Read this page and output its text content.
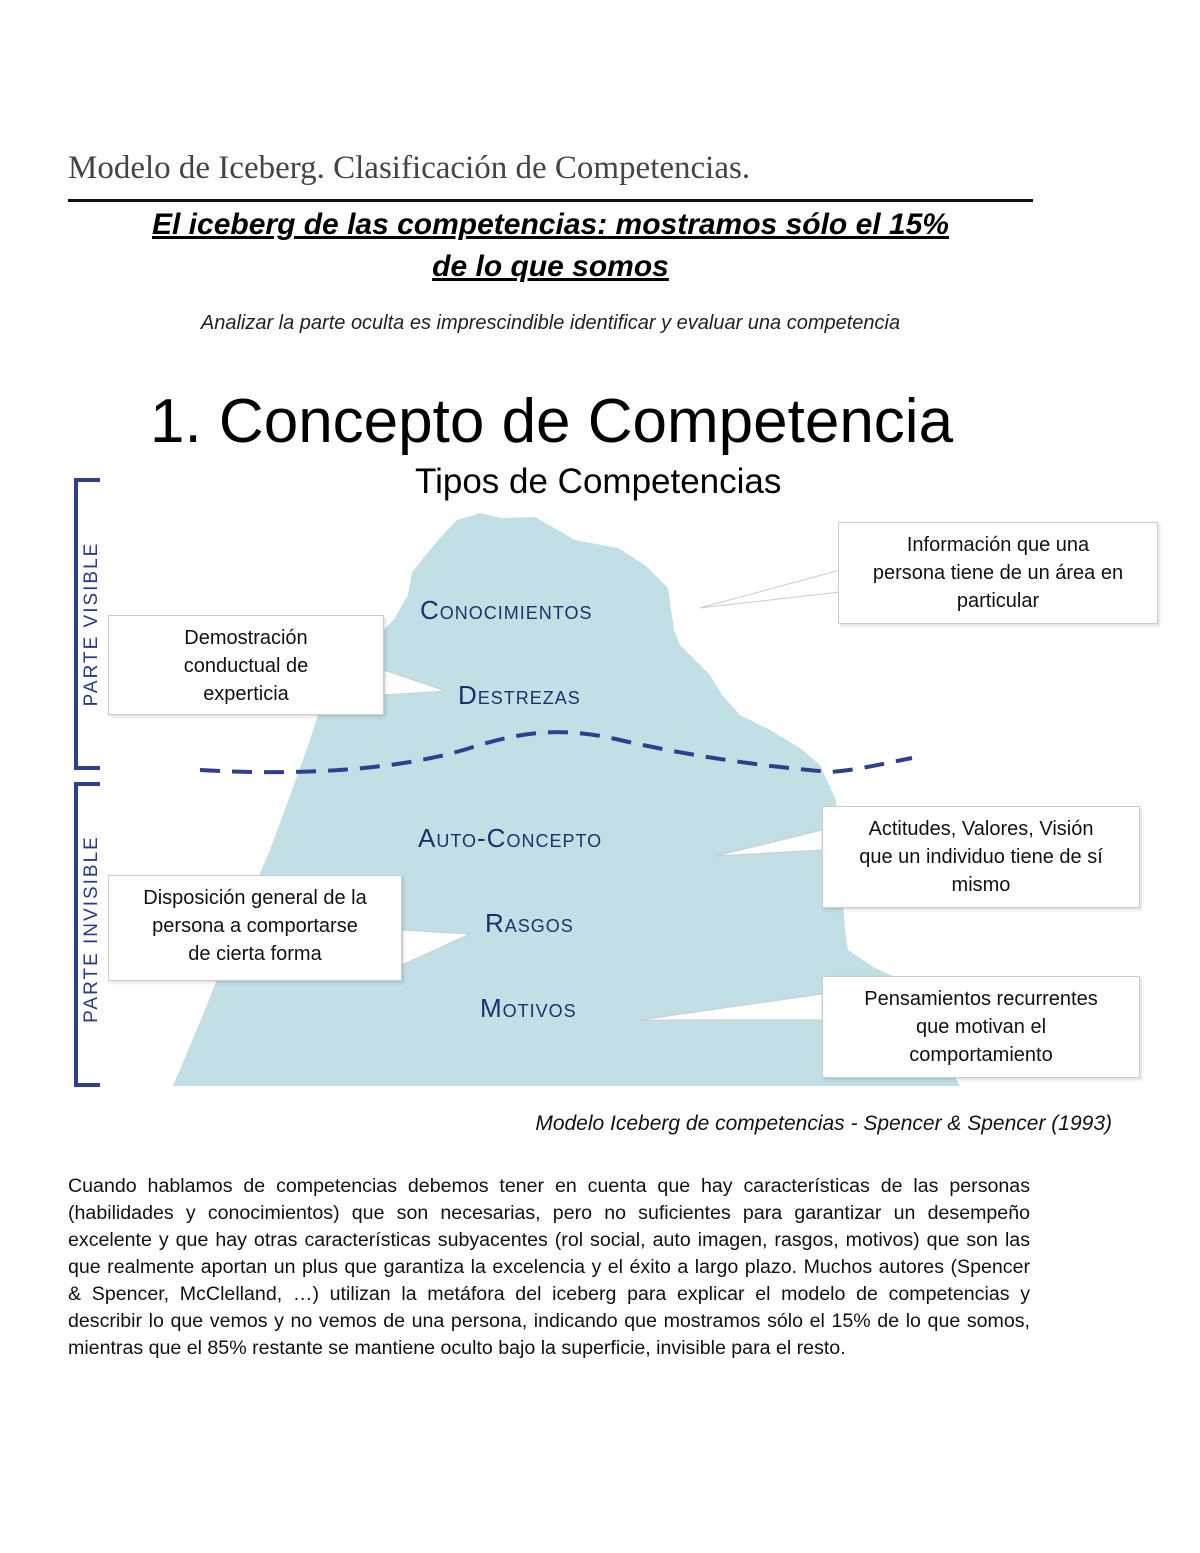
Modelo de Iceberg. Clasificación de Competencias.
El iceberg de las competencias: mostramos sólo el 15%
de lo que somos
Analizar la parte oculta es imprescindible identificar y evaluar una competencia
1. Concepto de Competencia
Tipos de Competencias
PARTE VISIBLE
PARTE INVISIBLE
Conocimientos
Destrezas
Auto-Concepto
Rasgos
Motivos
Información que una
persona tiene de un área en
particular
Demostración
conductual de
experticia
Actitudes, Valores, Visión
que un individuo tiene de sí
mismo
Disposición general de la
persona a comportarse
de cierta forma
Pensamientos recurrentes
que motivan el
comportamiento
Modelo Iceberg de competencias - Spencer & Spencer (1993)

Cuando hablamos de competencias debemos tener en cuenta que hay características de las personas (habilidades y conocimientos) que son necesarias, pero no suficientes para garantizar un desempeño excelente y que hay otras características subyacentes (rol social, auto imagen, rasgos, motivos) que son las que realmente aportan un plus que garantiza la excelencia y el éxito a largo plazo. Muchos autores (Spencer & Spencer, McClelland, …) utilizan la metáfora del iceberg para explicar el modelo de competencias y describir lo que vemos y no vemos de una persona, indicando que mostramos sólo el 15% de lo que somos, mientras que el 85% restante se mantiene oculto bajo la superficie, invisible para el resto.
